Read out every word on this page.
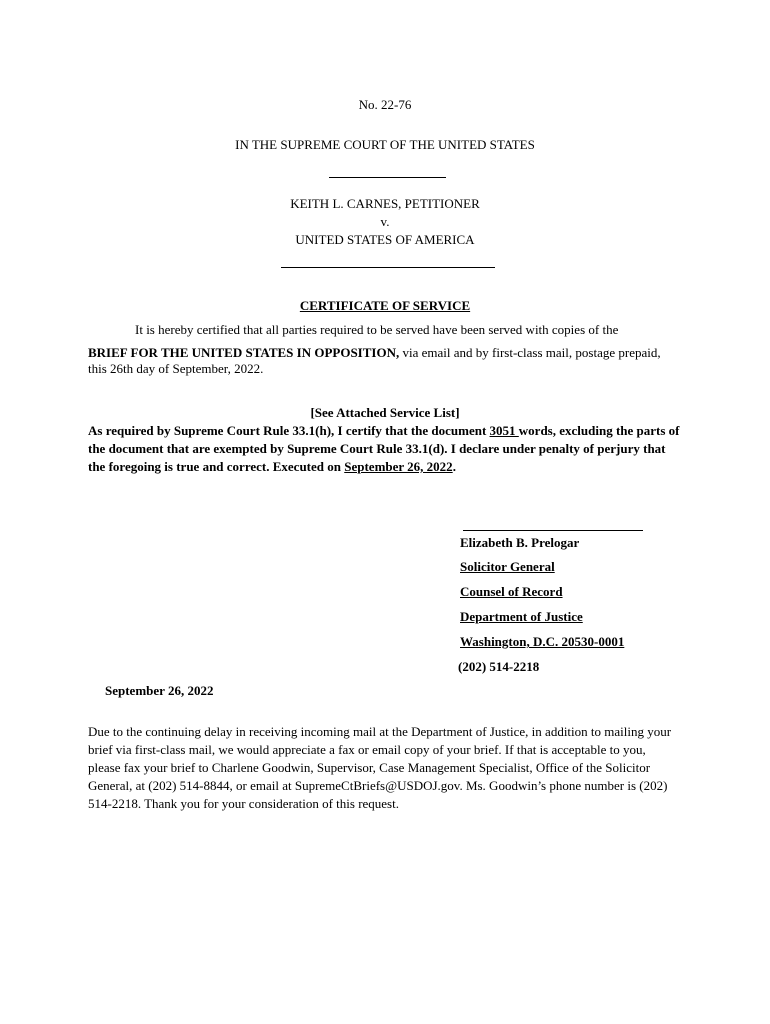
No. 22-76
IN THE SUPREME COURT OF THE UNITED STATES
KEITH L. CARNES, PETITIONER
v.
UNITED STATES OF AMERICA
CERTIFICATE OF SERVICE
It is hereby certified that all parties required to be served have been served with copies of the
BRIEF FOR THE UNITED STATES IN OPPOSITION, via email and by first-class mail, postage prepaid,
this 26th day of September, 2022.
[See Attached Service List]
As required by Supreme Court Rule 33.1(h), I certify that the document 3051 words, excluding the parts of
the document that are exempted by Supreme Court Rule 33.1(d). I declare under penalty of perjury that
the foregoing is true and correct. Executed on September 26, 2022.
Elizabeth B. Prelogar
Solicitor General
Counsel of Record
Department of Justice
Washington, D.C. 20530-0001
(202) 514-2218
September 26, 2022
Due to the continuing delay in receiving incoming mail at the Department of Justice, in addition to mailing your
brief via first-class mail, we would appreciate a fax or email copy of your brief. If that is acceptable to you,
please fax your brief to Charlene Goodwin, Supervisor, Case Management Specialist, Office of the Solicitor
General, at (202) 514-8844, or email at SupremeCtBriefs@USDOJ.gov. Ms. Goodwin’s phone number is (202)
514-2218. Thank you for your consideration of this request.
